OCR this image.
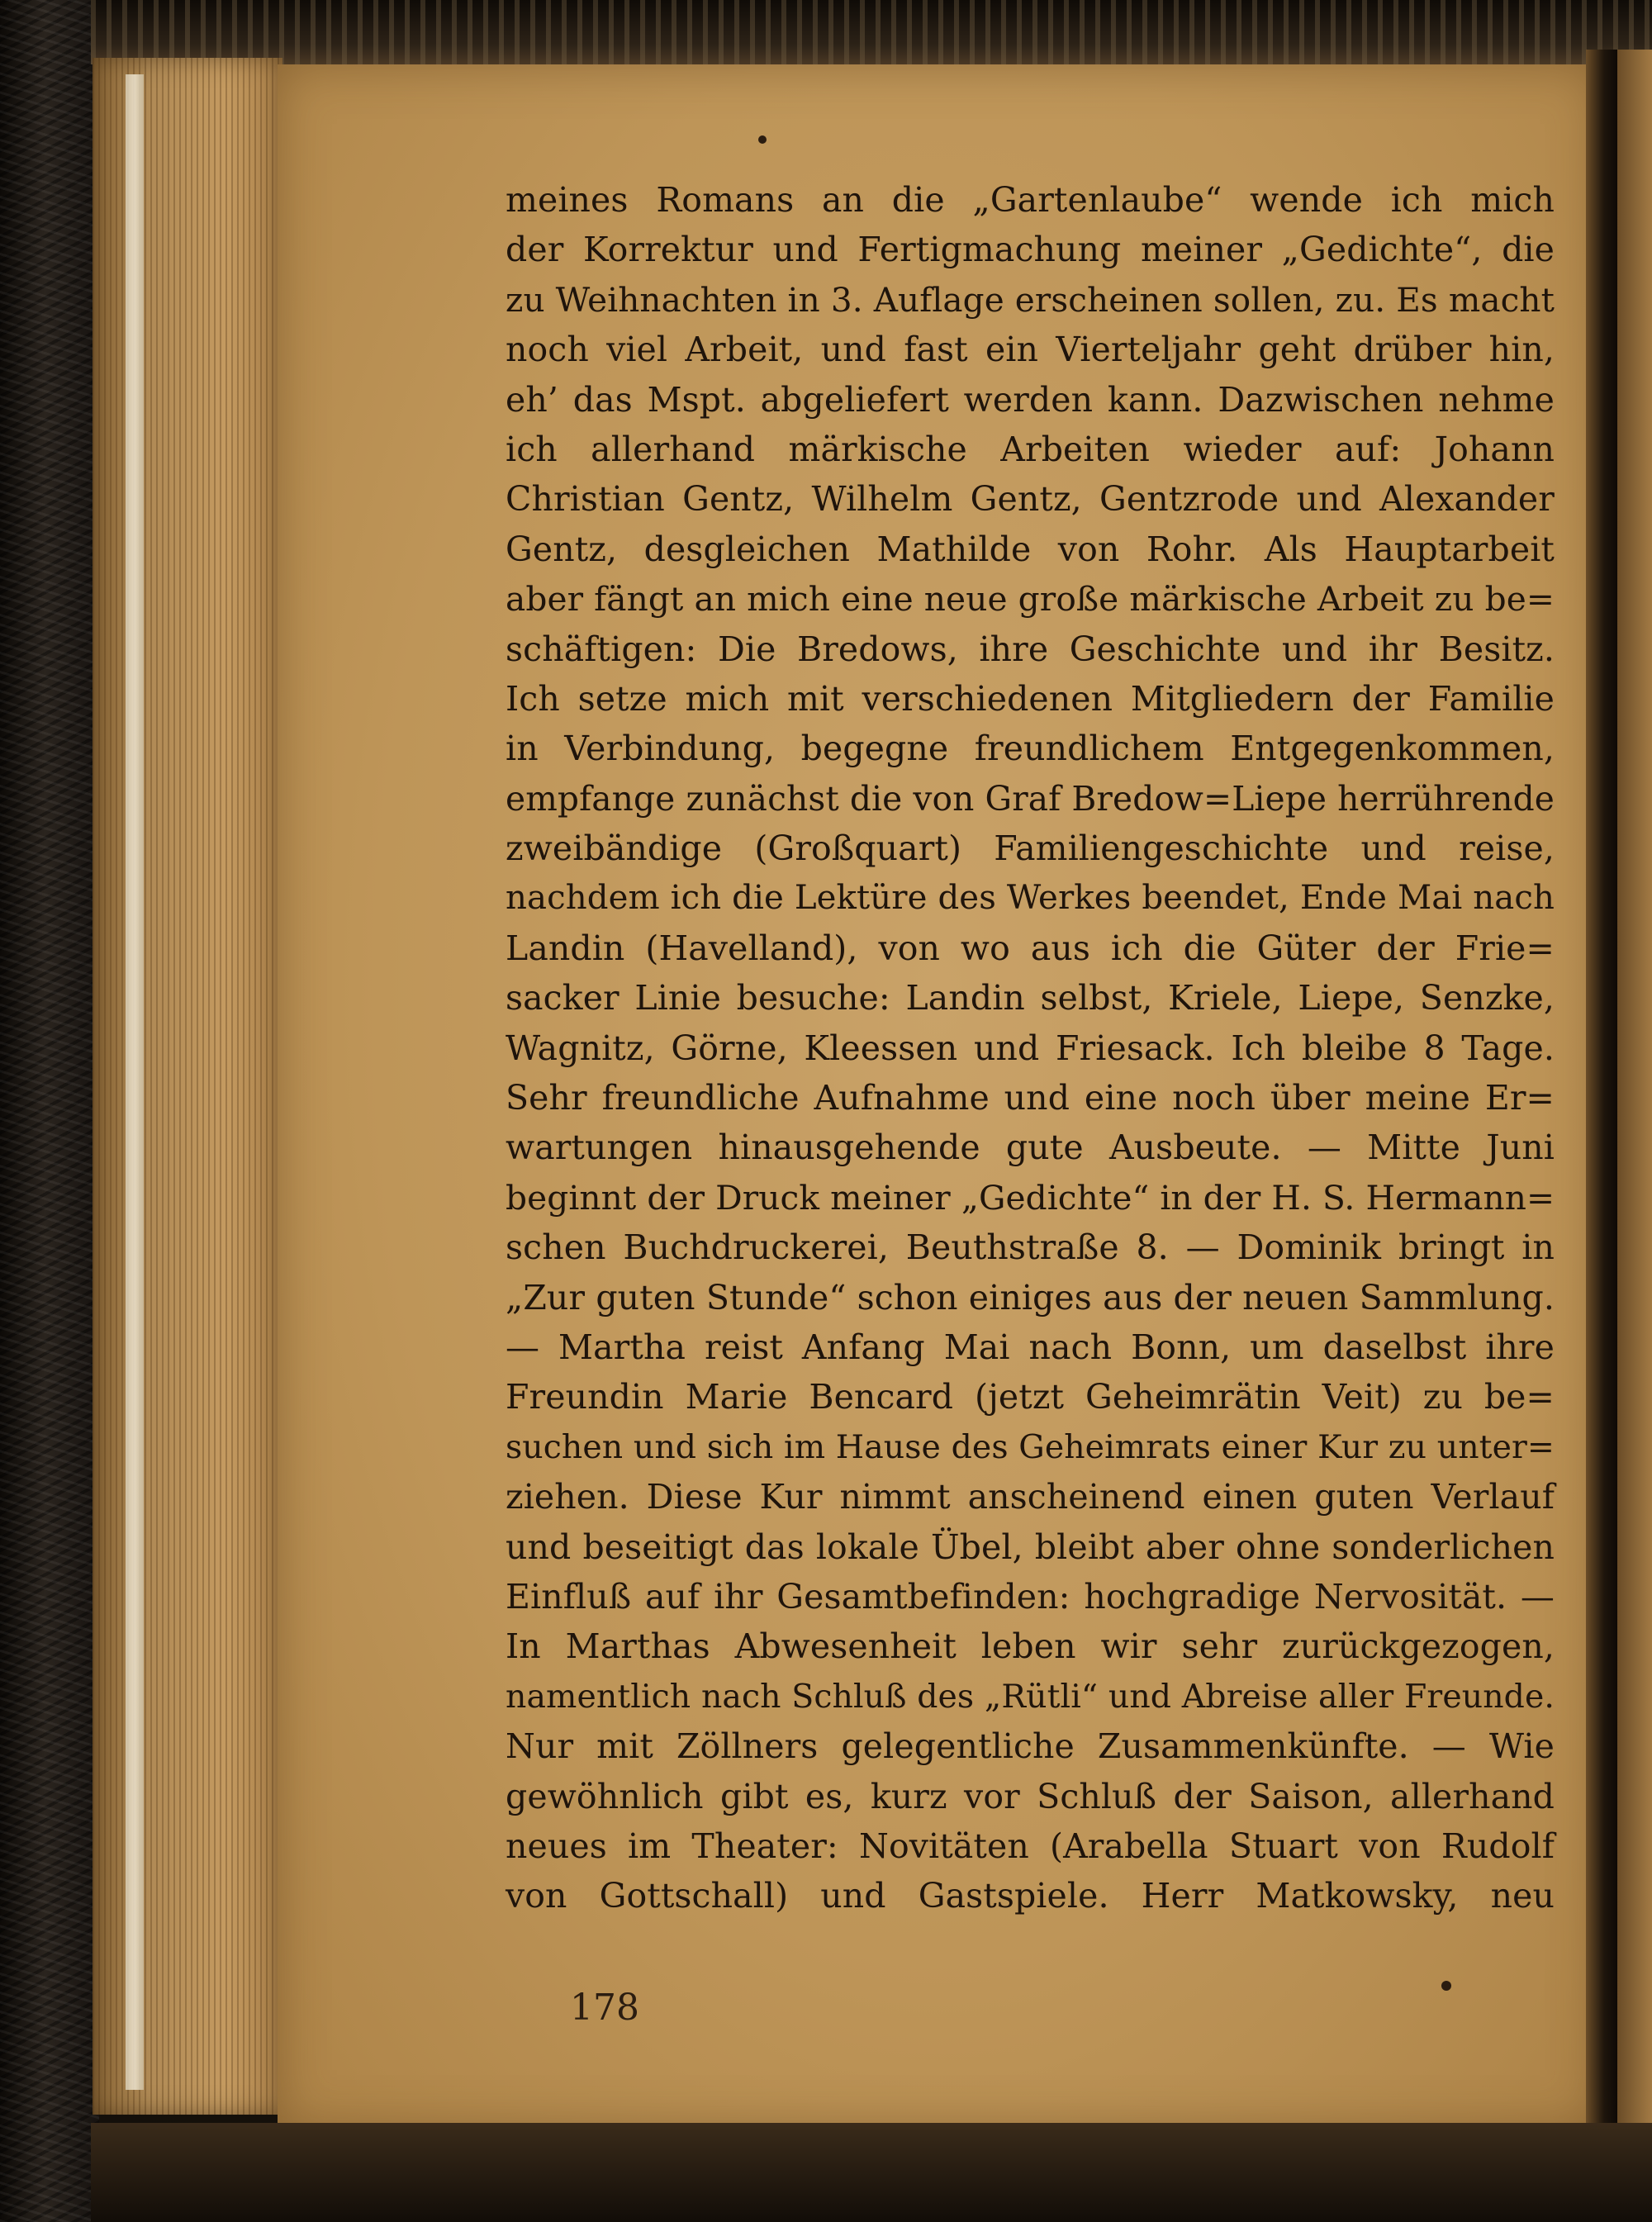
meines Romans an die „Gartenlaube“ wende ich mich
der Korrektur und Fertigmachung meiner „Gedichte“, die
zu Weihnachten in 3. Auflage erscheinen sollen, zu. Es macht
noch viel Arbeit, und fast ein Vierteljahr geht drüber hin,
eh’ das Mspt. abgeliefert werden kann. Dazwischen nehme
ich allerhand märkische Arbeiten wieder auf: Johann
Christian Gentz, Wilhelm Gentz, Gentzrode und Alexander
Gentz, desgleichen Mathilde von Rohr. Als Hauptarbeit
aber fängt an mich eine neue große märkische Arbeit zu be=
schäftigen: Die Bredows, ihre Geschichte und ihr Besitz.
Ich setze mich mit verschiedenen Mitgliedern der Familie
in Verbindung, begegne freundlichem Entgegenkommen,
empfange zunächst die von Graf Bredow=Liepe herrührende
zweibändige (Großquart) Familiengeschichte und reise,
nachdem ich die Lektüre des Werkes beendet, Ende Mai nach
Landin (Havelland), von wo aus ich die Güter der Frie=
sacker Linie besuche: Landin selbst, Kriele, Liepe, Senzke,
Wagnitz, Görne, Kleessen und Friesack. Ich bleibe 8 Tage.
Sehr freundliche Aufnahme und eine noch über meine Er=
wartungen hinausgehende gute Ausbeute. — Mitte Juni
beginnt der Druck meiner „Gedichte“ in der H. S. Hermann=
schen Buchdruckerei, Beuthstraße 8. — Dominik bringt in
„Zur guten Stunde“ schon einiges aus der neuen Sammlung.
— Martha reist Anfang Mai nach Bonn, um daselbst ihre
Freundin Marie Bencard (jetzt Geheimrätin Veit) zu be=
suchen und sich im Hause des Geheimrats einer Kur zu unter=
ziehen. Diese Kur nimmt anscheinend einen guten Verlauf
und beseitigt das lokale Übel, bleibt aber ohne sonderlichen
Einfluß auf ihr Gesamtbefinden: hochgradige Nervosität. —
In Marthas Abwesenheit leben wir sehr zurückgezogen,
namentlich nach Schluß des „Rütli“ und Abreise aller Freunde.
Nur mit Zöllners gelegentliche Zusammenkünfte. — Wie
gewöhnlich gibt es, kurz vor Schluß der Saison, allerhand
neues im Theater: Novitäten (Arabella Stuart von Rudolf
von Gottschall) und Gastspiele. Herr Matkowsky, neu
178
